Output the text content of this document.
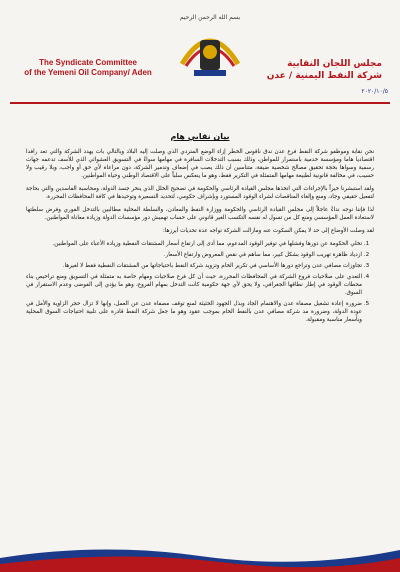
بسم الله الرحمن الرحيم
The Syndicate Committee
of the Yemeni Oil Company/ Aden
مجلس اللجان النقابية
شركة النفط اليمنية / عدن
٢٠٢٠/١٠/٥
بيان نقابي هام

نحن نقابة وموظفو شركة النفط فرع عدن ندق ناقوس الخطر إزاء الوضع المتردي الذي وصلت إليه البلاد وبالتالي بات يهدد الشركة والتي تعد رافدا اقتصاديا هاما ومؤسسة خدمية باستمرار للمواطن، وذلك بسبب التدخلات السافرة في مهامها سواءً في التسويق العشوائي الذي للأسف تدعمه جهات رسمية وسواها بحجة تحقيق مصالح شخصية ضيقة، متناسين أن ذلك يصب في إضعاف وتدمير الشركة، دون مراعاة لأي حق أو واجب، وبلا رقيب ولا حسيب، في مخالفة قانونية لطبيعة مهامها المتمثلة في التكرير فقط، وهو ما ينعكس سلباً على الاقتصاد الوطني وحياة المواطنين.

ولقد استبشرنا خيراً بالإجراءات التي اتخذها مجلس القيادة الرئاسي والحكومة في تصحيح الخلل الذي ينخر جسد الدولة، ومحاسبة الفاسدين والتي بحاجة لتفعيل حقيقي وجاد، ومنع وإلغاء المناقصات لشراء الوقود المستورد وبإشراف حكومي، لتحديد التسعيرة وتوحيدها في كافة المحافظات المحررة.

لذا فإننا نوجه نداءً عاجلاً إلى مجلس القيادة الرئاسي والحكومة ووزارة النفط والمعادن، والسلطة المحلية مطالبين بالتدخل الفوري وفرض سلطتها لاستعادة العمل المؤسسي ومنع كل من تسول له نفسه التكسب الغير قانوني على حساب تهميش دور مؤسسات الدولة وزيادة معاناة المواطنين.

لقد وصلت الأوضاع إلى حد لا يمكن السكوت عنه ومازالت الشركة تواجه عدة تحديات أبرزها:

1. تخلي الحكومة عن دورها وفشلها في توفير الوقود المدعوم، مما أدى إلى ارتفاع أسعار المشتقات النفطية وزيادة الأعباء على المواطنين.
2. ازدياد ظاهرة تهريب الوقود بشكل كبير، مما ساهم في نقص المعروض وارتفاع الأسعار.
3. تجاوزات مصافي عدن وتراجع دورها الأساسي في تكرير الخام وتزويد شركة النفط باحتياجاتها من المشتقات النفطية فقط لا لغيرها.
4. التعدي على صلاحيات فروع الشركة في المحافظات المحررة، حيث أن كل فرع صلاحيات ومهام خاصة به متمثلة في التسويق ومنع تراخيص بناء محطات الوقود في إطار نطاقها الجغرافي، ولا يحق لأي جهة حكومية كانت التدخل بمهام الفروع، وهو ما يؤدي إلى الفوضى وعدم الاستقرار في السوق.
5. ضرورة إعادة تشغيل مصفاة عدن والاهتمام الجاد وبذل الجهود الحثيثة لمنع توقف مصفاة عدن عن العمل، وإنها لا تزال حجر الزاوية والأمل في عودة الدولة، وضرورة مد شركة مصافي عدن بالنفط الخام بموجب عقود وهو ما جعل شركة النفط قادرة على تلبية احتياجات السوق المحلية وبأسعار مناسبة ومقبولة.
